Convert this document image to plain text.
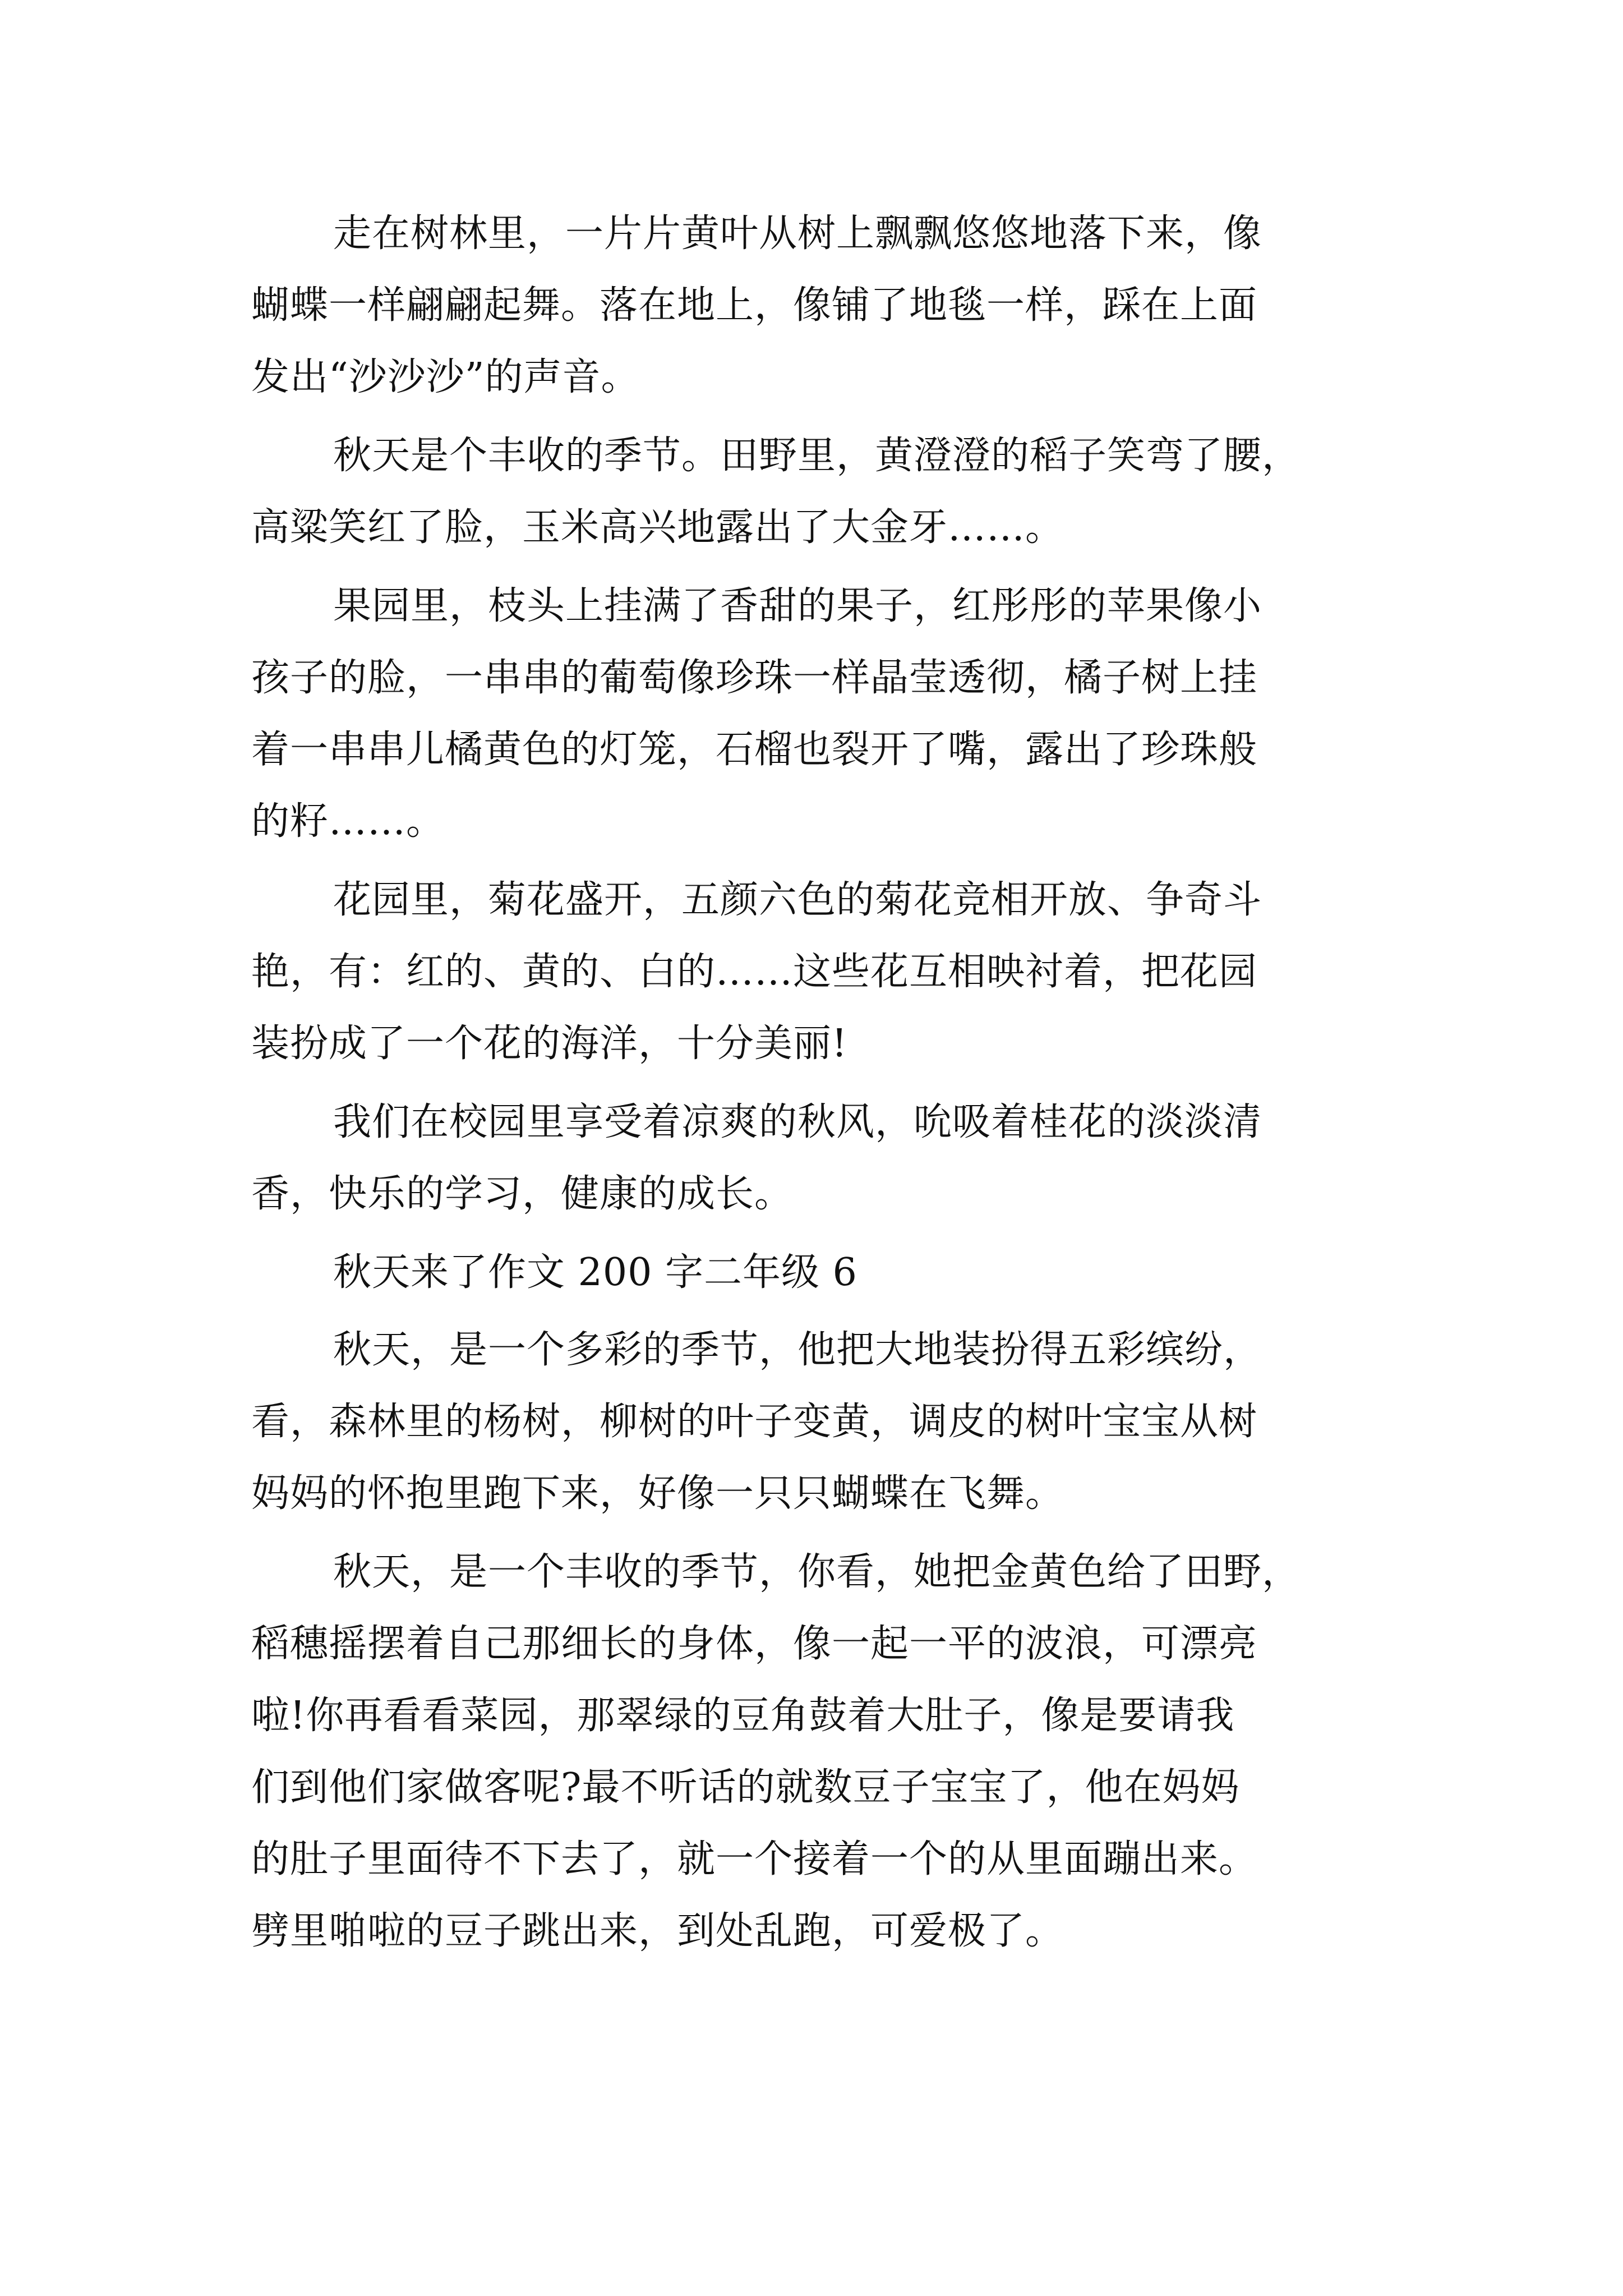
走在树林里，一片片黄叶从树上飘飘悠悠地落下来，像
蝴蝶一样翩翩起舞。落在地上，像铺了地毯一样，踩在上面
发出“沙沙沙”的声音。
秋天是个丰收的季节。田野里，黄澄澄的稻子笑弯了腰，
高粱笑红了脸，玉米高兴地露出了大金牙……。
果园里，枝头上挂满了香甜的果子，红彤彤的苹果像小
孩子的脸，一串串的葡萄像珍珠一样晶莹透彻，橘子树上挂
着一串串儿橘黄色的灯笼，石榴也裂开了嘴，露出了珍珠般
的籽……。
花园里，菊花盛开，五颜六色的菊花竞相开放、争奇斗
艳，有：红的、黄的、白的……这些花互相映衬着，把花园
装扮成了一个花的海洋，十分美丽!
我们在校园里享受着凉爽的秋风，吮吸着桂花的淡淡清
香，快乐的学习，健康的成长。
秋天来了作文 200 字二年级 6
秋天，是一个多彩的季节，他把大地装扮得五彩缤纷，
看，森林里的杨树，柳树的叶子变黄，调皮的树叶宝宝从树
妈妈的怀抱里跑下来，好像一只只蝴蝶在飞舞。
秋天，是一个丰收的季节，你看，她把金黄色给了田野，
稻穗摇摆着自己那细长的身体，像一起一平的波浪，可漂亮
啦!你再看看菜园，那翠绿的豆角鼓着大肚子，像是要请我
们到他们家做客呢?最不听话的就数豆子宝宝了，他在妈妈
的肚子里面待不下去了，就一个接着一个的从里面蹦出来。
劈里啪啦的豆子跳出来，到处乱跑，可爱极了。
